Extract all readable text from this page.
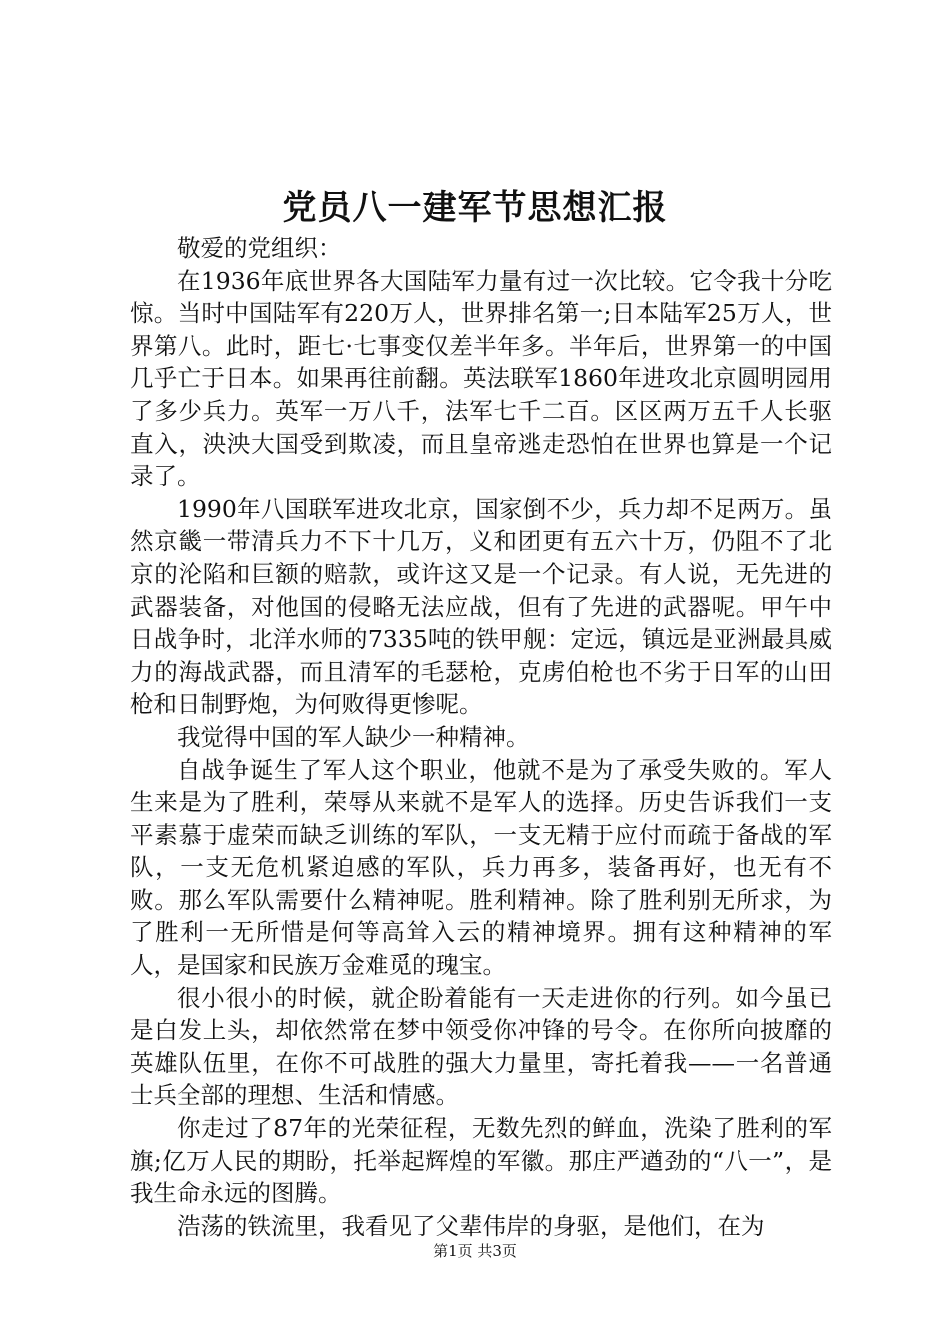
党员八一建军节思想汇报

敬爱的党组织：

在1936年底世界各大国陆军力量有过一次比较。它令我十分吃惊。当时中国陆军有220万人，世界排名第一;日本陆军25万人，世界第八。此时，距七·七事变仅差半年多。半年后，世界第一的中国几乎亡于日本。如果再往前翻。英法联军1860年进攻北京圆明园用了多少兵力。英军一万八千，法军七千二百。区区两万五千人长驱直入，泱泱大国受到欺凌，而且皇帝逃走恐怕在世界也算是一个记录了。

1990年八国联军进攻北京，国家倒不少，兵力却不足两万。虽然京畿一带清兵力不下十几万，义和团更有五六十万，仍阻不了北京的沦陷和巨额的赔款，或许这又是一个记录。有人说，无先进的武器装备，对他国的侵略无法应战，但有了先进的武器呢。甲午中日战争时，北洋水师的7335吨的铁甲舰：定远，镇远是亚洲最具威力的海战武器，而且清军的毛瑟枪，克虏伯枪也不劣于日军的山田枪和日制野炮，为何败得更惨呢。

我觉得中国的军人缺少一种精神。

自战争诞生了军人这个职业，他就不是为了承受失败的。军人生来是为了胜利，荣辱从来就不是军人的选择。历史告诉我们一支平素慕于虚荣而缺乏训练的军队，一支无精于应付而疏于备战的军队，一支无危机紧迫感的军队，兵力再多，装备再好，也无有不败。那么军队需要什么精神呢。胜利精神。除了胜利别无所求，为了胜利一无所惜是何等高耸入云的精神境界。拥有这种精神的军人，是国家和民族万金难觅的瑰宝。

很小很小的时候，就企盼着能有一天走进你的行列。如今虽已是白发上头，却依然常在梦中领受你冲锋的号令。在你所向披靡的英雄队伍里，在你不可战胜的强大力量里，寄托着我——一名普通士兵全部的理想、生活和情感。

你走过了87年的光荣征程，无数先烈的鲜血，洗染了胜利的军旗;亿万人民的期盼，托举起辉煌的军徽。那庄严遒劲的“八一”，是我生命永远的图腾。

浩荡的铁流里，我看见了父辈伟岸的身驱，是他们，在为

第1页 共3页
